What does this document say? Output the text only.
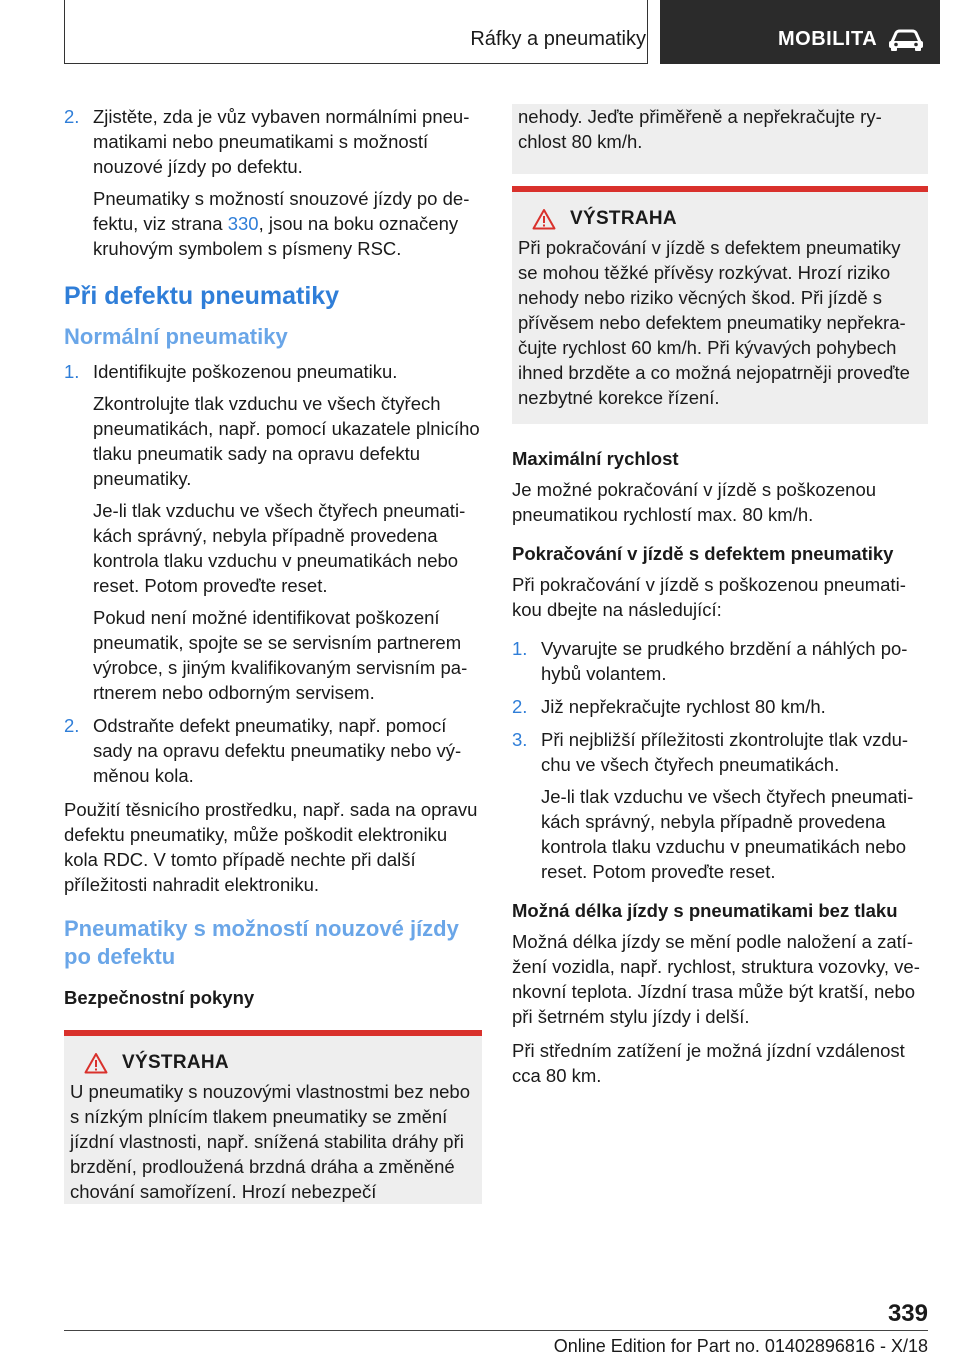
Ráfky a pneumatiky	MOBILITA
2. Zjistěte, zda je vůz vybaven normálními pneumatikami nebo pneumatikami s možností nouzové jízdy po defektu.

Pneumatiky s možností snouzové jízdy po defektu, viz strana 330, jsou na boku označeny kruhovým symbolem s písmeny RSC.

Při defektu pneumatiky
Normální pneumatiky
1. Identifikujte poškozenou pneumatiku.

Zkontrolujte tlak vzduchu ve všech čtyřech pneumatikách, např. pomocí ukazatele plnicího tlaku pneumatik sady na opravu defektu pneumatiky.

Je-li tlak vzduchu ve všech čtyřech pneumatikách správný, nebyla případně provedena kontrola tlaku vzduchu v pneumatikách nebo reset. Potom proveďte reset.

Pokud není možné identifikovat poškození pneumatik, spojte se se servisním partnerem výrobce, s jiným kvalifikovaným servisním partnerem nebo odborným servisem.

2. Odstraňte defekt pneumatiky, např. pomocí sady na opravu defektu pneumatiky nebo výměnou kola.

Použití těsnicího prostředku, např. sada na opravu defektu pneumatiky, může poškodit elektroniku kola RDC. V tomto případě nechte při další příležitosti nahradit elektroniku.

Pneumatiky s možností nouzové jízdy po defektu
Bezpečnostní pokyny
VÝSTRAHA

U pneumatiky s nouzovými vlastnostmi bez nebo s nízkým plnícím tlakem pneumatiky se změní jízdní vlastnosti, např. snížená stabilita dráhy při brzdění, prodloužená brzdná dráha a změněné chování samořízení. Hrozí nebezpečí

nehody. Jeďte přiměřeně a nepřekračujte rychlost 80 km/h.

VÝSTRAHA

Při pokračování v jízdě s defektem pneumatiky se mohou těžké přívěsy rozkývat. Hrozí riziko nehody nebo riziko věcných škod. Při jízdě s přívěsem nebo defektem pneumatiky nepřekračujte rychlost 60 km/h. Při kývavých pohybech ihned brzděte a co možná nejopatrněji proveďte nezbytné korekce řízení.

Maximální rychlost

Je možné pokračování v jízdě s poškozenou pneumatikou rychlostí max. 80 km/h.

Pokračování v jízdě s defektem pneumatiky

Při pokračování v jízdě s poškozenou pneumatikou dbejte na následující:

1. Vyvarujte se prudkého brzdění a náhlých pohybů volantem.

2. Již nepřekračujte rychlost 80 km/h.

3. Při nejbližší příležitosti zkontrolujte tlak vzduchu ve všech čtyřech pneumatikách.

Je-li tlak vzduchu ve všech čtyřech pneumatikách správný, nebyla případně provedena kontrola tlaku vzduchu v pneumatikách nebo reset. Potom proveďte reset.

Možná délka jízdy s pneumatikami bez tlaku

Možná délka jízdy se mění podle naložení a zatížení vozidla, např. rychlost, struktura vozovky, venkovní teplota. Jízdní trasa může být kratší, nebo při šetrném stylu jízdy i delší.

Při středním zatížení je možná jízdní vzdálenost cca 80 km.

339
Online Edition for Part no. 01402896816 - X/18
